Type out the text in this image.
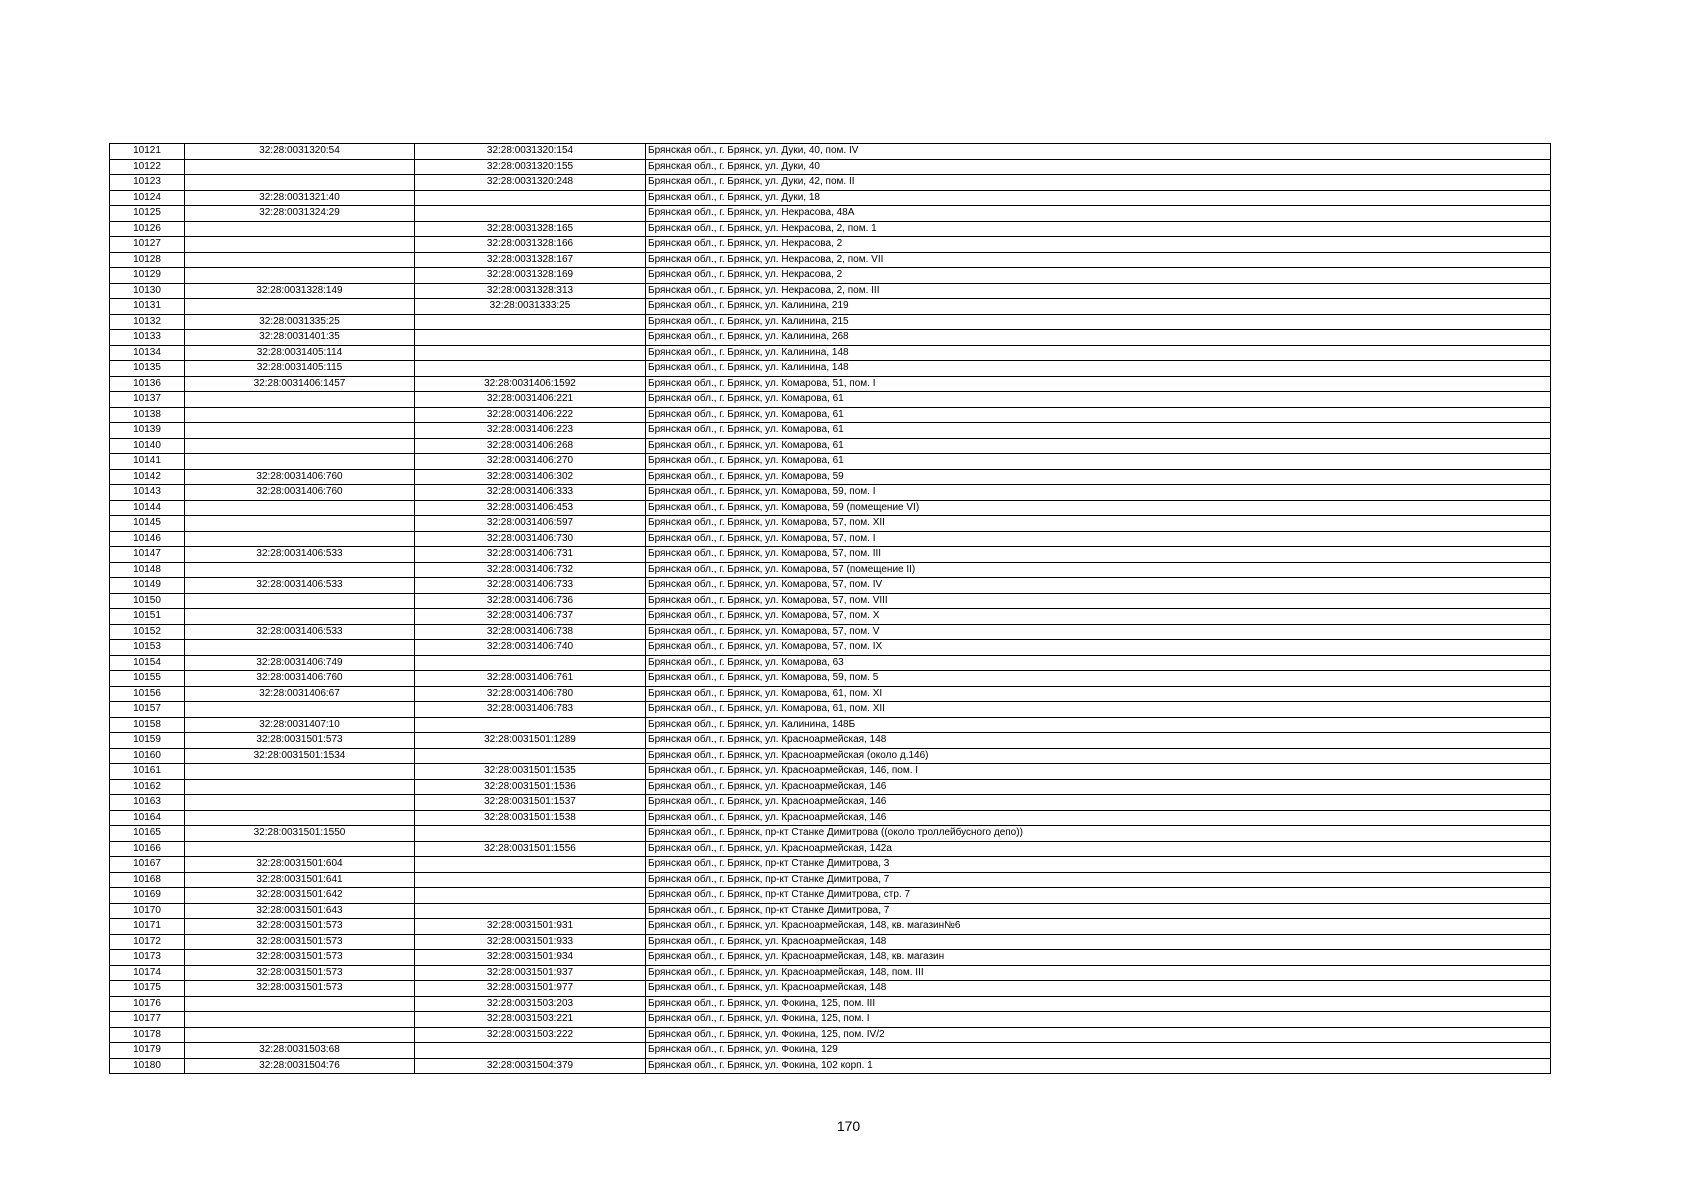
10121	32:28:0031320:54	32:28:0031320:154	Брянская обл., г. Брянск, ул. Дуки, 40, пом. IV
10122		32:28:0031320:155	Брянская обл., г. Брянск, ул. Дуки, 40
10123		32:28:0031320:248	Брянская обл., г. Брянск, ул. Дуки, 42, пом. II
10124	32:28:0031321:40		Брянская обл., г. Брянск, ул. Дуки, 18
10125	32:28:0031324:29		Брянская обл., г. Брянск, ул. Некрасова, 48А
10126		32:28:0031328:165	Брянская обл., г. Брянск, ул. Некрасова, 2, пом. 1
10127		32:28:0031328:166	Брянская обл., г. Брянск, ул. Некрасова, 2
10128		32:28:0031328:167	Брянская обл., г. Брянск, ул. Некрасова, 2, пом. VII
10129		32:28:0031328:169	Брянская обл., г. Брянск, ул. Некрасова, 2
10130	32:28:0031328:149	32:28:0031328:313	Брянская обл., г. Брянск, ул. Некрасова, 2, пом. III
10131		32:28:0031333:25	Брянская обл., г. Брянск, ул. Калинина, 219
10132	32:28:0031335:25		Брянская обл., г. Брянск, ул. Калинина, 215
10133	32:28:0031401:35		Брянская обл., г. Брянск, ул. Калинина, 268
10134	32:28:0031405:114		Брянская обл., г. Брянск, ул. Калинина, 148
10135	32:28:0031405:115		Брянская обл., г. Брянск, ул. Калинина, 148
10136	32:28:0031406:1457	32:28:0031406:1592	Брянская обл., г. Брянск, ул. Комарова, 51, пом. I
10137		32:28:0031406:221	Брянская обл., г. Брянск, ул. Комарова, 61
10138		32:28:0031406:222	Брянская обл., г. Брянск, ул. Комарова, 61
10139		32:28:0031406:223	Брянская обл., г. Брянск, ул. Комарова, 61
10140		32:28:0031406:268	Брянская обл., г. Брянск, ул. Комарова, 61
10141		32:28:0031406:270	Брянская обл., г. Брянск, ул. Комарова, 61
10142	32:28:0031406:760	32:28:0031406:302	Брянская обл., г. Брянск, ул. Комарова, 59
10143	32:28:0031406:760	32:28:0031406:333	Брянская обл., г. Брянск, ул. Комарова, 59, пом. I
10144		32:28:0031406:453	Брянская обл., г. Брянск, ул. Комарова, 59 (помещение VI)
10145		32:28:0031406:597	Брянская обл., г. Брянск, ул. Комарова, 57, пом. XII
10146		32:28:0031406:730	Брянская обл., г. Брянск, ул. Комарова, 57, пом. I
10147	32:28:0031406:533	32:28:0031406:731	Брянская обл., г. Брянск, ул. Комарова, 57, пом. III
10148		32:28:0031406:732	Брянская обл., г. Брянск, ул. Комарова, 57 (помещение II)
10149	32:28:0031406:533	32:28:0031406:733	Брянская обл., г. Брянск, ул. Комарова, 57, пом. IV
10150		32:28:0031406:736	Брянская обл., г. Брянск, ул. Комарова, 57, пом. VIII
10151		32:28:0031406:737	Брянская обл., г. Брянск, ул. Комарова, 57, пом. X
10152	32:28:0031406:533	32:28:0031406:738	Брянская обл., г. Брянск, ул. Комарова, 57, пом. V
10153		32:28:0031406:740	Брянская обл., г. Брянск, ул. Комарова, 57, пом. IX
10154	32:28:0031406:749		Брянская обл., г. Брянск, ул. Комарова, 63
10155	32:28:0031406:760	32:28:0031406:761	Брянская обл., г. Брянск, ул. Комарова, 59, пом. 5
10156	32:28:0031406:67	32:28:0031406:780	Брянская обл., г. Брянск, ул. Комарова, 61, пом. XI
10157		32:28:0031406:783	Брянская обл., г. Брянск, ул. Комарова, 61, пом. XII
10158	32:28:0031407:10		Брянская обл., г. Брянск, ул. Калинина, 148Б
10159	32:28:0031501:573	32:28:0031501:1289	Брянская обл., г. Брянск, ул. Красноармейская, 148
10160	32:28:0031501:1534		Брянская обл., г. Брянск, ул. Красноармейская (около д.146)
10161		32:28:0031501:1535	Брянская обл., г. Брянск, ул. Красноармейская, 146, пом. I
10162		32:28:0031501:1536	Брянская обл., г. Брянск, ул. Красноармейская, 146
10163		32:28:0031501:1537	Брянская обл., г. Брянск, ул. Красноармейская, 146
10164		32:28:0031501:1538	Брянская обл., г. Брянск, ул. Красноармейская, 146
10165	32:28:0031501:1550		Брянская обл., г. Брянск, пр-кт Станке Димитрова ((около троллейбусного депо))
10166		32:28:0031501:1556	Брянская обл., г. Брянск, ул. Красноармейская, 142а
10167	32:28:0031501:604		Брянская обл., г. Брянск, пр-кт Станке Димитрова, 3
10168	32:28:0031501:641		Брянская обл., г. Брянск, пр-кт Станке Димитрова, 7
10169	32:28:0031501:642		Брянская обл., г. Брянск, пр-кт Станке Димитрова, стр. 7
10170	32:28:0031501:643		Брянская обл., г. Брянск, пр-кт Станке Димитрова, 7
10171	32:28:0031501:573	32:28:0031501:931	Брянская обл., г. Брянск, ул. Красноармейская, 148, кв. магазин№6
10172	32:28:0031501:573	32:28:0031501:933	Брянская обл., г. Брянск, ул. Красноармейская, 148
10173	32:28:0031501:573	32:28:0031501:934	Брянская обл., г. Брянск, ул. Красноармейская, 148, кв. магазин
10174	32:28:0031501:573	32:28:0031501:937	Брянская обл., г. Брянск, ул. Красноармейская, 148, пом. III
10175	32:28:0031501:573	32:28:0031501:977	Брянская обл., г. Брянск, ул. Красноармейская, 148
10176		32:28:0031503:203	Брянская обл., г. Брянск, ул. Фокина, 125, пом. III
10177		32:28:0031503:221	Брянская обл., г. Брянск, ул. Фокина, 125, пом. I
10178		32:28:0031503:222	Брянская обл., г. Брянск, ул. Фокина, 125, пом. IV/2
10179	32:28:0031503:68		Брянская обл., г. Брянск, ул. Фокина, 129
10180	32:28:0031504:76	32:28:0031504:379	Брянская обл., г. Брянск, ул. Фокина, 102 корп. 1
170
